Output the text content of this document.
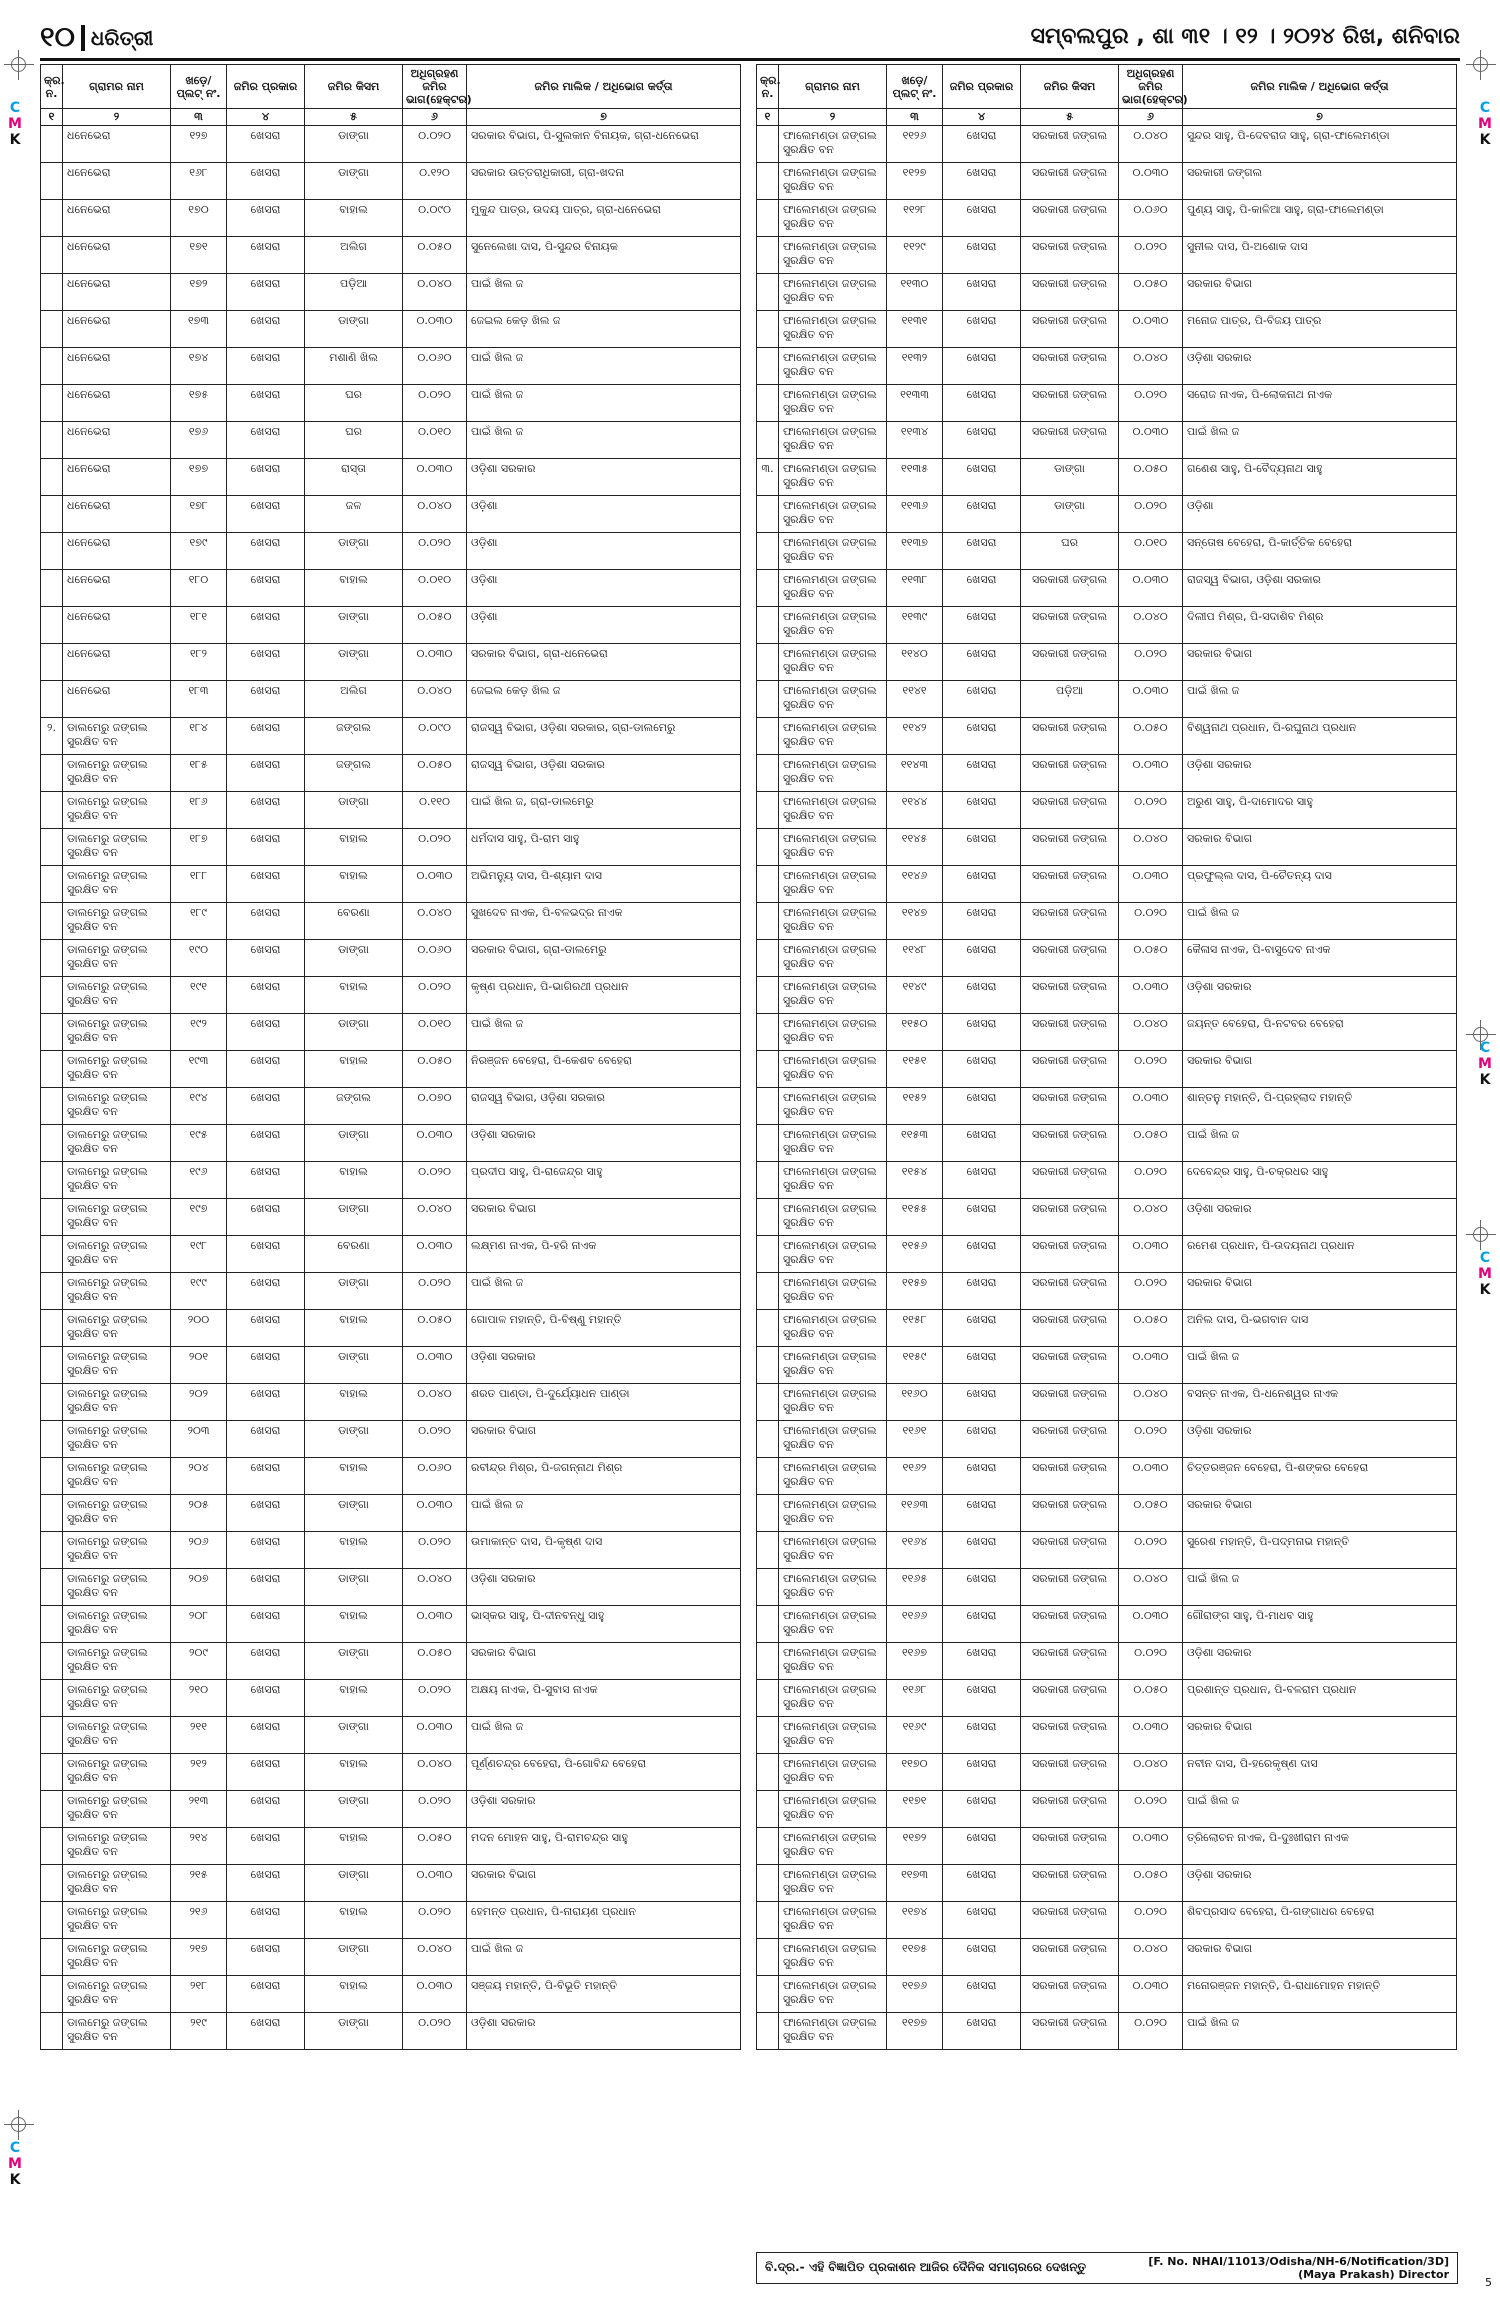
୧୦ ଧରିତ୍ରୀ	ସମ୍ବଲପୁର , ଶା ୩୧ । ୧୨ । ୨୦୨୪ ରିଖ, ଶନିବାର
କ୍ର. ନ.	ଗ୍ରାମର ନାମ	ଖଡ଼େ/ ପ୍ଲଟ୍ ନଂ.	ଜମିର ପ୍ରକାର	ଜମିର କିସମ	ଅଧିଗ୍ରହଣ ଜମିର ଭାଗ(ହେକ୍ଟର)	ଜମିର ମାଲିକ / ଅଧିଭୋଗ କର୍ତ୍ତା
୧	୨	୩	୪	୫	୬	୭
	ଧନେଭେରା	୧୨୭	ଖେସରା	ଡାଙ୍ଗା	୦.୦୨୦	ସରକାର ବିଭାଗ, ପି-ସୁଲକାନ ବିନାୟକ, ଗ୍ରା-ଧନେଭେରା
	ଧନେଭେରା	୧୬୮	ଖେସରା	ଡାଙ୍ଗା	୦.୧୨୦	ସରକାର ଉତ୍ତରାଧିକାରୀ, ଗ୍ରା-ଖଦନା
	ଧନେଭେରା	୧୭୦	ଖେସରା	ବାହାଲ	୦.୦୯୦	ମୁକୁନ୍ଦ ପାତ୍ର, ଉଦୟ ପାତ୍ର, ଗ୍ରା-ଧନେଭେରା
	ଧନେଭେରା	୧୭୧	ଖେସରା	ଅଲିଗ	୦.୦୫୦	ସୁନେଲେଖା ଦାସ, ପି-ସୁନ୍ଦର ବିନାୟକ
	ଧନେଭେରା	୧୭୨	ଖେସରା	ପଡ଼ିଆ	୦.୦୪୦	ପାଇଁ ଖିଲ ଜ
	ଧନେଭେରା	୧୭୩	ଖେସରା	ଡାଙ୍ଗା	୦.୦୩୦	ଜେଇଲ କେଡ଼ ଖିଲ ଜ
	ଧନେଭେରା	୧୭୪	ଖେସରା	ମଶାଣି ଖିଲ	୦.୦୬୦	ପାଇଁ ଖିଲ ଜ
	ଧନେଭେରା	୧୭୫	ଖେସରା	ଘର	୦.୦୨୦	ପାଇଁ ଖିଲ ଜ
	ଧନେଭେରା	୧୭୬	ଖେସରା	ଘର	୦.୦୧୦	ପାଇଁ ଖିଲ ଜ
	ଧନେଭେରା	୧୭୭	ଖେସରା	ରାସ୍ତା	୦.୦୩୦	ଓଡ଼ିଶା ସରକାର
	ଧନେଭେରା	୧୭୮	ଖେସରା	ଜଳ	୦.୦୪୦	ଓଡ଼ିଶା
	ଧନେଭେରା	୧୭୯	ଖେସରା	ଡାଙ୍ଗା	୦.୦୨୦	ଓଡ଼ିଶା
	ଧନେଭେରା	୧୮୦	ଖେସରା	ବାହାଲ	୦.୦୧୦	ଓଡ଼ିଶା
	ଧନେଭେରା	୧୮୧	ଖେସରା	ଡାଙ୍ଗା	୦.୦୫୦	ଓଡ଼ିଶା
	ଧନେଭେରା	୧୮୨	ଖେସରା	ଡାଙ୍ଗା	୦.୦୩୦	ସରକାର ବିଭାଗ, ଗ୍ରା-ଧନେଭେରା
	ଧନେଭେରା	୧୮୩	ଖେସରା	ଅଲିଗ	୦.୦୪୦	ଜେଇଲ କେଡ଼ ଖିଲ ଜ
୨.	ଡାଲମେରୁ ଜଙ୍ଗଲ ସୁରକ୍ଷିତ ବନ	୧୮୪	ଖେସରା	ଜଙ୍ଗଲ	୦.୦୯୦	ରାଜସ୍ୱ ବିଭାଗ, ଓଡ଼ିଶା ସରକାର, ଗ୍ରା-ଡାଲମେରୁ
	ଡାଲମେରୁ ଜଙ୍ଗଲ ସୁରକ୍ଷିତ ବନ	୧୮୫	ଖେସରା	ଜଙ୍ଗଲ	୦.୦୫୦	ରାଜସ୍ୱ ବିଭାଗ, ଓଡ଼ିଶା ସରକାର
	ଡାଲମେରୁ ଜଙ୍ଗଲ ସୁରକ୍ଷିତ ବନ	୧୮୬	ଖେସରା	ଡାଙ୍ଗା	୦.୧୧୦	ପାଇଁ ଖିଲ ଜ, ଗ୍ରା-ଡାଲମେରୁ
	ଡାଲମେରୁ ଜଙ୍ଗଲ ସୁରକ୍ଷିତ ବନ	୧୮୭	ଖେସରା	ବାହାଲ	୦.୦୨୦	ଧର୍ମଦାସ ସାହୁ, ପି-ରାମ ସାହୁ
	ଡାଲମେରୁ ଜଙ୍ଗଲ ସୁରକ୍ଷିତ ବନ	୧୮୮	ଖେସରା	ବାହାଲ	୦.୦୩୦	ଅଭିମନ୍ୟୁ ଦାସ, ପି-ଶ୍ୟାମ ଦାସ
	ଡାଲମେରୁ ଜଙ୍ଗଲ ସୁରକ୍ଷିତ ବନ	୧୮୯	ଖେସରା	ବେରଣା	୦.୦୪୦	ସୁଖଦେବ ନାଏକ, ପି-ବଳଭଦ୍ର ନାଏକ
	ଡାଲମେରୁ ଜଙ୍ଗଲ ସୁରକ୍ଷିତ ବନ	୧୯୦	ଖେସରା	ଡାଙ୍ଗା	୦.୦୬୦	ସରକାର ବିଭାଗ, ଗ୍ରା-ଡାଲମେରୁ
	ଡାଲମେରୁ ଜଙ୍ଗଲ ସୁରକ୍ଷିତ ବନ	୧୯୧	ଖେସରା	ବାହାଲ	୦.୦୨୦	କୃଷ୍ଣ ପ୍ରଧାନ, ପି-ଭାଗିରଥୀ ପ୍ରଧାନ
	ଡାଲମେରୁ ଜଙ୍ଗଲ ସୁରକ୍ଷିତ ବନ	୧୯୨	ଖେସରା	ଡାଙ୍ଗା	୦.୦୧୦	ପାଇଁ ଖିଲ ଜ
	ଡାଲମେରୁ ଜଙ୍ଗଲ ସୁରକ୍ଷିତ ବନ	୧୯୩	ଖେସରା	ବାହାଲ	୦.୦୫୦	ନିରଞ୍ଜନ ବେହେରା, ପି-କେଶବ ବେହେରା
	ଡାଲମେରୁ ଜଙ୍ଗଲ ସୁରକ୍ଷିତ ବନ	୧୯୪	ଖେସରା	ଜଙ୍ଗଲ	୦.୦୭୦	ରାଜସ୍ୱ ବିଭାଗ, ଓଡ଼ିଶା ସରକାର
	ଡାଲମେରୁ ଜଙ୍ଗଲ ସୁରକ୍ଷିତ ବନ	୧୯୫	ଖେସରା	ଡାଙ୍ଗା	୦.୦୩୦	ଓଡ଼ିଶା ସରକାର
	ଡାଲମେରୁ ଜଙ୍ଗଲ ସୁରକ୍ଷିତ ବନ	୧୯୬	ଖେସରା	ବାହାଲ	୦.୦୨୦	ପ୍ରଦୀପ ସାହୁ, ପି-ରାଜେନ୍ଦ୍ର ସାହୁ
	ଡାଲମେରୁ ଜଙ୍ଗଲ ସୁରକ୍ଷିତ ବନ	୧୯୭	ଖେସରା	ଡାଙ୍ଗା	୦.୦୪୦	ସରକାର ବିଭାଗ
	ଡାଲମେରୁ ଜଙ୍ଗଲ ସୁରକ୍ଷିତ ବନ	୧୯୮	ଖେସରା	ବେରଣା	୦.୦୩୦	ଲକ୍ଷ୍ମଣ ନାଏକ, ପି-ହରି ନାଏକ
	ଡାଲମେରୁ ଜଙ୍ଗଲ ସୁରକ୍ଷିତ ବନ	୧୯୯	ଖେସରା	ଡାଙ୍ଗା	୦.୦୨୦	ପାଇଁ ଖିଲ ଜ
	ଡାଲମେରୁ ଜଙ୍ଗଲ ସୁରକ୍ଷିତ ବନ	୨୦୦	ଖେସରା	ବାହାଲ	୦.୦୫୦	ଗୋପାଳ ମହାନ୍ତି, ପି-ବିଷ୍ଣୁ ମହାନ୍ତି
	ଡାଲମେରୁ ଜଙ୍ଗଲ ସୁରକ୍ଷିତ ବନ	୨୦୧	ଖେସରା	ଡାଙ୍ଗା	୦.୦୩୦	ଓଡ଼ିଶା ସରକାର
	ଡାଲମେରୁ ଜଙ୍ଗଲ ସୁରକ୍ଷିତ ବନ	୨୦୨	ଖେସରା	ବାହାଲ	୦.୦୪୦	ଶରତ ପାଣ୍ଡା, ପି-ଦୁର୍ଯ୍ୟୋଧନ ପାଣ୍ଡା
	ଡାଲମେରୁ ଜଙ୍ଗଲ ସୁରକ୍ଷିତ ବନ	୨୦୩	ଖେସରା	ଡାଙ୍ଗା	୦.୦୨୦	ସରକାର ବିଭାଗ
	ଡାଲମେରୁ ଜଙ୍ଗଲ ସୁରକ୍ଷିତ ବନ	୨୦୪	ଖେସରା	ବାହାଲ	୦.୦୬୦	ରବୀନ୍ଦ୍ର ମିଶ୍ର, ପି-ଜଗନ୍ନାଥ ମିଶ୍ର
	ଡାଲମେରୁ ଜଙ୍ଗଲ ସୁରକ୍ଷିତ ବନ	୨୦୫	ଖେସରା	ଡାଙ୍ଗା	୦.୦୩୦	ପାଇଁ ଖିଲ ଜ
	ଡାଲମେରୁ ଜଙ୍ଗଲ ସୁରକ୍ଷିତ ବନ	୨୦୬	ଖେସରା	ବାହାଲ	୦.୦୨୦	ଉମାକାନ୍ତ ଦାସ, ପି-କୃଷ୍ଣ ଦାସ
	ଡାଲମେରୁ ଜଙ୍ଗଲ ସୁରକ୍ଷିତ ବନ	୨୦୭	ଖେସରା	ଡାଙ୍ଗା	୦.୦୪୦	ଓଡ଼ିଶା ସରକାର
	ଡାଲମେରୁ ଜଙ୍ଗଲ ସୁରକ୍ଷିତ ବନ	୨୦୮	ଖେସରା	ବାହାଲ	୦.୦୩୦	ଭାସ୍କର ସାହୁ, ପି-ଦୀନବନ୍ଧୁ ସାହୁ
	ଡାଲମେରୁ ଜଙ୍ଗଲ ସୁରକ୍ଷିତ ବନ	୨୦୯	ଖେସରା	ଡାଙ୍ଗା	୦.୦୫୦	ସରକାର ବିଭାଗ
	ଡାଲମେରୁ ଜଙ୍ଗଲ ସୁରକ୍ଷିତ ବନ	୨୧୦	ଖେସରା	ବାହାଲ	୦.୦୨୦	ଅକ୍ଷୟ ନାଏକ, ପି-ସୁବାସ ନାଏକ
	ଡାଲମେରୁ ଜଙ୍ଗଲ ସୁରକ୍ଷିତ ବନ	୨୧୧	ଖେସରା	ଡାଙ୍ଗା	୦.୦୩୦	ପାଇଁ ଖିଲ ଜ
	ଡାଲମେରୁ ଜଙ୍ଗଲ ସୁରକ୍ଷିତ ବନ	୨୧୨	ଖେସରା	ବାହାଲ	୦.୦୪୦	ପୂର୍ଣ୍ଣଚନ୍ଦ୍ର ବେହେରା, ପି-ଗୋବିନ୍ଦ ବେହେରା
	ଡାଲମେରୁ ଜଙ୍ଗଲ ସୁରକ୍ଷିତ ବନ	୨୧୩	ଖେସରା	ଡାଙ୍ଗା	୦.୦୨୦	ଓଡ଼ିଶା ସରକାର
	ଡାଲମେରୁ ଜଙ୍ଗଲ ସୁରକ୍ଷିତ ବନ	୨୧୪	ଖେସରା	ବାହାଲ	୦.୦୫୦	ମଦନ ମୋହନ ସାହୁ, ପି-ରାମଚନ୍ଦ୍ର ସାହୁ
	ଡାଲମେରୁ ଜଙ୍ଗଲ ସୁରକ୍ଷିତ ବନ	୨୧୫	ଖେସରା	ଡାଙ୍ଗା	୦.୦୩୦	ସରକାର ବିଭାଗ
	ଡାଲମେରୁ ଜଙ୍ଗଲ ସୁରକ୍ଷିତ ବନ	୨୧୬	ଖେସରା	ବାହାଲ	୦.୦୨୦	ହେମନ୍ତ ପ୍ରଧାନ, ପି-ନାରାୟଣ ପ୍ରଧାନ
	ଡାଲମେରୁ ଜଙ୍ଗଲ ସୁରକ୍ଷିତ ବନ	୨୧୭	ଖେସରା	ଡାଙ୍ଗା	୦.୦୪୦	ପାଇଁ ଖିଲ ଜ
	ଡାଲମେରୁ ଜଙ୍ଗଲ ସୁରକ୍ଷିତ ବନ	୨୧୮	ଖେସରା	ବାହାଲ	୦.୦୩୦	ସଞ୍ଜୟ ମହାନ୍ତି, ପି-ବିଭୂତି ମହାନ୍ତି
	ଡାଲମେରୁ ଜଙ୍ଗଲ ସୁରକ୍ଷିତ ବନ	୨୧୯	ଖେସରା	ଡାଙ୍ଗା	୦.୦୨୦	ଓଡ଼ିଶା ସରକାର
କ୍ର. ନ.	ଗ୍ରାମର ନାମ	ଖଡ଼େ/ ପ୍ଲଟ୍ ନଂ.	ଜମିର ପ୍ରକାର	ଜମିର କିସମ	ଅଧିଗ୍ରହଣ ଜମିର ଭାଗ(ହେକ୍ଟର)	ଜମିର ମାଲିକ / ଅଧିଭୋଗ କର୍ତ୍ତା
୧	୨	୩	୪	୫	୬	୭
	ଫାଲେମଣ୍ଡା ଜଙ୍ଗଲ ସୁରକ୍ଷିତ ବନ	୧୧୨୬	ଖେସରା	ସରକାରୀ ଜଙ୍ଗଲ	୦.୦୪୦	ସୁନ୍ଦର ସାହୁ, ପି-ଦେବରାଜ ସାହୁ, ଗ୍ରା-ଫାଲେମଣ୍ଡା
	ଫାଲେମଣ୍ଡା ଜଙ୍ଗଲ ସୁରକ୍ଷିତ ବନ	୧୧୨୭	ଖେସରା	ସରକାରୀ ଜଙ୍ଗଲ	୦.୦୩୦	ସରକାରୀ ଜଙ୍ଗଲ
	ଫାଲେମଣ୍ଡା ଜଙ୍ଗଲ ସୁରକ୍ଷିତ ବନ	୧୧୨୮	ଖେସରା	ସରକାରୀ ଜଙ୍ଗଲ	୦.୦୬୦	ପୁଣ୍ୟ ସାହୁ, ପି-କାଳିଆ ସାହୁ, ଗ୍ରା-ଫାଲେମଣ୍ଡା
	ଫାଲେମଣ୍ଡା ଜଙ୍ଗଲ ସୁରକ୍ଷିତ ବନ	୧୧୨୯	ଖେସରା	ସରକାରୀ ଜଙ୍ଗଲ	୦.୦୨୦	ସୁନୀଲ ଦାସ, ପି-ଅଶୋକ ଦାସ
	ଫାଲେମଣ୍ଡା ଜଙ୍ଗଲ ସୁରକ୍ଷିତ ବନ	୧୧୩୦	ଖେସରା	ସରକାରୀ ଜଙ୍ଗଲ	୦.୦୫୦	ସରକାର ବିଭାଗ
	ଫାଲେମଣ୍ଡା ଜଙ୍ଗଲ ସୁରକ୍ଷିତ ବନ	୧୧୩୧	ଖେସରା	ସରକାରୀ ଜଙ୍ଗଲ	୦.୦୩୦	ମନୋଜ ପାତ୍ର, ପି-ବିଜୟ ପାତ୍ର
	ଫାଲେମଣ୍ଡା ଜଙ୍ଗଲ ସୁରକ୍ଷିତ ବନ	୧୧୩୨	ଖେସରା	ସରକାରୀ ଜଙ୍ଗଲ	୦.୦୪୦	ଓଡ଼ିଶା ସରକାର
	ଫାଲେମଣ୍ଡା ଜଙ୍ଗଲ ସୁରକ୍ଷିତ ବନ	୧୧୩୩	ଖେସରା	ସରକାରୀ ଜଙ୍ଗଲ	୦.୦୨୦	ସରୋଜ ନାଏକ, ପି-ଲୋକନାଥ ନାଏକ
	ଫାଲେମଣ୍ଡା ଜଙ୍ଗଲ ସୁରକ୍ଷିତ ବନ	୧୧୩୪	ଖେସରା	ସରକାରୀ ଜଙ୍ଗଲ	୦.୦୩୦	ପାଇଁ ଖିଲ ଜ
୩.	ଫାଲେମଣ୍ଡା ଜଙ୍ଗଲ ସୁରକ୍ଷିତ ବନ	୧୧୩୫	ଖେସରା	ଡାଙ୍ଗା	୦.୦୫୦	ଗଣେଶ ସାହୁ, ପି-ବୈଦ୍ୟନାଥ ସାହୁ
	ଫାଲେମଣ୍ଡା ଜଙ୍ଗଲ ସୁରକ୍ଷିତ ବନ	୧୧୩୬	ଖେସରା	ଡାଙ୍ଗା	୦.୦୨୦	ଓଡ଼ିଶା
	ଫାଲେମଣ୍ଡା ଜଙ୍ଗଲ ସୁରକ୍ଷିତ ବନ	୧୧୩୭	ଖେସରା	ଘର	୦.୦୧୦	ସନ୍ତୋଷ ବେହେରା, ପି-କାର୍ତ୍ତିକ ବେହେରା
	ଫାଲେମଣ୍ଡା ଜଙ୍ଗଲ ସୁରକ୍ଷିତ ବନ	୧୧୩୮	ଖେସରା	ସରକାରୀ ଜଙ୍ଗଲ	୦.୦୩୦	ରାଜସ୍ୱ ବିଭାଗ, ଓଡ଼ିଶା ସରକାର
	ଫାଲେମଣ୍ଡା ଜଙ୍ଗଲ ସୁରକ୍ଷିତ ବନ	୧୧୩୯	ଖେସରା	ସରକାରୀ ଜଙ୍ଗଲ	୦.୦୪୦	ଦିଲୀପ ମିଶ୍ର, ପି-ସଦାଶିବ ମିଶ୍ର
	ଫାଲେମଣ୍ଡା ଜଙ୍ଗଲ ସୁରକ୍ଷିତ ବନ	୧୧୪୦	ଖେସରା	ସରକାରୀ ଜଙ୍ଗଲ	୦.୦୨୦	ସରକାର ବିଭାଗ
	ଫାଲେମଣ୍ଡା ଜଙ୍ଗଲ ସୁରକ୍ଷିତ ବନ	୧୧୪୧	ଖେସରା	ପଡ଼ିଆ	୦.୦୩୦	ପାଇଁ ଖିଲ ଜ
	ଫାଲେମଣ୍ଡା ଜଙ୍ଗଲ ସୁରକ୍ଷିତ ବନ	୧୧୪୨	ଖେସରା	ସରକାରୀ ଜଙ୍ଗଲ	୦.୦୫୦	ବିଶ୍ୱନାଥ ପ୍ରଧାନ, ପି-ରଘୁନାଥ ପ୍ରଧାନ
	ଫାଲେମଣ୍ଡା ଜଙ୍ଗଲ ସୁରକ୍ଷିତ ବନ	୧୧୪୩	ଖେସରା	ସରକାରୀ ଜଙ୍ଗଲ	୦.୦୩୦	ଓଡ଼ିଶା ସରକାର
	ଫାଲେମଣ୍ଡା ଜଙ୍ଗଲ ସୁରକ୍ଷିତ ବନ	୧୧୪୪	ଖେସରା	ସରକାରୀ ଜଙ୍ଗଲ	୦.୦୨୦	ଅରୁଣ ସାହୁ, ପି-ଦାମୋଦର ସାହୁ
	ଫାଲେମଣ୍ଡା ଜଙ୍ଗଲ ସୁରକ୍ଷିତ ବନ	୧୧୪୫	ଖେସରା	ସରକାରୀ ଜଙ୍ଗଲ	୦.୦୪୦	ସରକାର ବିଭାଗ
	ଫାଲେମଣ୍ଡା ଜଙ୍ଗଲ ସୁରକ୍ଷିତ ବନ	୧୧୪୬	ଖେସରା	ସରକାରୀ ଜଙ୍ଗଲ	୦.୦୩୦	ପ୍ରଫୁଲ୍ଲ ଦାସ, ପି-ଚୈତନ୍ୟ ଦାସ
	ଫାଲେମଣ୍ଡା ଜଙ୍ଗଲ ସୁରକ୍ଷିତ ବନ	୧୧୪୭	ଖେସରା	ସରକାରୀ ଜଙ୍ଗଲ	୦.୦୨୦	ପାଇଁ ଖିଲ ଜ
	ଫାଲେମଣ୍ଡା ଜଙ୍ଗଲ ସୁରକ୍ଷିତ ବନ	୧୧୪୮	ଖେସରା	ସରକାରୀ ଜଙ୍ଗଲ	୦.୦୫୦	କୈଳାସ ନାଏକ, ପି-ବାସୁଦେବ ନାଏକ
	ଫାଲେମଣ୍ଡା ଜଙ୍ଗଲ ସୁରକ୍ଷିତ ବନ	୧୧୪୯	ଖେସରା	ସରକାରୀ ଜଙ୍ଗଲ	୦.୦୩୦	ଓଡ଼ିଶା ସରକାର
	ଫାଲେମଣ୍ଡା ଜଙ୍ଗଲ ସୁରକ୍ଷିତ ବନ	୧୧୫୦	ଖେସରା	ସରକାରୀ ଜଙ୍ଗଲ	୦.୦୪୦	ଜୟନ୍ତ ବେହେରା, ପି-ନଟବର ବେହେରା
	ଫାଲେମଣ୍ଡା ଜଙ୍ଗଲ ସୁରକ୍ଷିତ ବନ	୧୧୫୧	ଖେସରା	ସରକାରୀ ଜଙ୍ଗଲ	୦.୦୨୦	ସରକାର ବିଭାଗ
	ଫାଲେମଣ୍ଡା ଜଙ୍ଗଲ ସୁରକ୍ଷିତ ବନ	୧୧୫୨	ଖେସରା	ସରକାରୀ ଜଙ୍ଗଲ	୦.୦୩୦	ଶାନ୍ତନୁ ମହାନ୍ତି, ପି-ପ୍ରହ୍ଲାଦ ମହାନ୍ତି
	ଫାଲେମଣ୍ଡା ଜଙ୍ଗଲ ସୁରକ୍ଷିତ ବନ	୧୧୫୩	ଖେସରା	ସରକାରୀ ଜଙ୍ଗଲ	୦.୦୫୦	ପାଇଁ ଖିଲ ଜ
	ଫାଲେମଣ୍ଡା ଜଙ୍ଗଲ ସୁରକ୍ଷିତ ବନ	୧୧୫୪	ଖେସରା	ସରକାରୀ ଜଙ୍ଗଲ	୦.୦୨୦	ଦେବେନ୍ଦ୍ର ସାହୁ, ପି-ଚକ୍ରଧର ସାହୁ
	ଫାଲେମଣ୍ଡା ଜଙ୍ଗଲ ସୁରକ୍ଷିତ ବନ	୧୧୫୫	ଖେସରା	ସରକାରୀ ଜଙ୍ଗଲ	୦.୦୪୦	ଓଡ଼ିଶା ସରକାର
	ଫାଲେମଣ୍ଡା ଜଙ୍ଗଲ ସୁରକ୍ଷିତ ବନ	୧୧୫୬	ଖେସରା	ସରକାରୀ ଜଙ୍ଗଲ	୦.୦୩୦	ରମେଶ ପ୍ରଧାନ, ପି-ଉଦୟନାଥ ପ୍ରଧାନ
	ଫାଲେମଣ୍ଡା ଜଙ୍ଗଲ ସୁରକ୍ଷିତ ବନ	୧୧୫୭	ଖେସରା	ସରକାରୀ ଜଙ୍ଗଲ	୦.୦୨୦	ସରକାର ବିଭାଗ
	ଫାଲେମଣ୍ଡା ଜଙ୍ଗଲ ସୁରକ୍ଷିତ ବନ	୧୧୫୮	ଖେସରା	ସରକାରୀ ଜଙ୍ଗଲ	୦.୦୫୦	ଅନିଲ ଦାସ, ପି-ଭଗବାନ ଦାସ
	ଫାଲେମଣ୍ଡା ଜଙ୍ଗଲ ସୁରକ୍ଷିତ ବନ	୧୧୫୯	ଖେସରା	ସରକାରୀ ଜଙ୍ଗଲ	୦.୦୩୦	ପାଇଁ ଖିଲ ଜ
	ଫାଲେମଣ୍ଡା ଜଙ୍ଗଲ ସୁରକ୍ଷିତ ବନ	୧୧୬୦	ଖେସରା	ସରକାରୀ ଜଙ୍ଗଲ	୦.୦୪୦	ବସନ୍ତ ନାଏକ, ପି-ଧନେଶ୍ୱର ନାଏକ
	ଫାଲେମଣ୍ଡା ଜଙ୍ଗଲ ସୁରକ୍ଷିତ ବନ	୧୧୬୧	ଖେସରା	ସରକାରୀ ଜଙ୍ଗଲ	୦.୦୨୦	ଓଡ଼ିଶା ସରକାର
	ଫାଲେମଣ୍ଡା ଜଙ୍ଗଲ ସୁରକ୍ଷିତ ବନ	୧୧୬୨	ଖେସରା	ସରକାରୀ ଜଙ୍ଗଲ	୦.୦୩୦	ଚିତ୍ତରଞ୍ଜନ ବେହେରା, ପି-ଶଙ୍କର ବେହେରା
	ଫାଲେମଣ୍ଡା ଜଙ୍ଗଲ ସୁରକ୍ଷିତ ବନ	୧୧୬୩	ଖେସରା	ସରକାରୀ ଜଙ୍ଗଲ	୦.୦୫୦	ସରକାର ବିଭାଗ
	ଫାଲେମଣ୍ଡା ଜଙ୍ଗଲ ସୁରକ୍ଷିତ ବନ	୧୧୬୪	ଖେସରା	ସରକାରୀ ଜଙ୍ଗଲ	୦.୦୨୦	ସୁରେଶ ମହାନ୍ତି, ପି-ପଦ୍ମନାଭ ମହାନ୍ତି
	ଫାଲେମଣ୍ଡା ଜଙ୍ଗଲ ସୁରକ୍ଷିତ ବନ	୧୧୬୫	ଖେସରା	ସରକାରୀ ଜଙ୍ଗଲ	୦.୦୪୦	ପାଇଁ ଖିଲ ଜ
	ଫାଲେମଣ୍ଡା ଜଙ୍ଗଲ ସୁରକ୍ଷିତ ବନ	୧୧୬୬	ଖେସରା	ସରକାରୀ ଜଙ୍ଗଲ	୦.୦୩୦	ଗୌରାଙ୍ଗ ସାହୁ, ପି-ମାଧବ ସାହୁ
	ଫାଲେମଣ୍ଡା ଜଙ୍ଗଲ ସୁରକ୍ଷିତ ବନ	୧୧୬୭	ଖେସରା	ସରକାରୀ ଜଙ୍ଗଲ	୦.୦୨୦	ଓଡ଼ିଶା ସରକାର
	ଫାଲେମଣ୍ଡା ଜଙ୍ଗଲ ସୁରକ୍ଷିତ ବନ	୧୧୬୮	ଖେସରା	ସରକାରୀ ଜଙ୍ଗଲ	୦.୦୫୦	ପ୍ରଶାନ୍ତ ପ୍ରଧାନ, ପି-ବଳରାମ ପ୍ରଧାନ
	ଫାଲେମଣ୍ଡା ଜଙ୍ଗଲ ସୁରକ୍ଷିତ ବନ	୧୧୬୯	ଖେସରା	ସରକାରୀ ଜଙ୍ଗଲ	୦.୦୩୦	ସରକାର ବିଭାଗ
	ଫାଲେମଣ୍ଡା ଜଙ୍ଗଲ ସୁରକ୍ଷିତ ବନ	୧୧୭୦	ଖେସରା	ସରକାରୀ ଜଙ୍ଗଲ	୦.୦୪୦	ନବୀନ ଦାସ, ପି-ହରେକୃଷ୍ଣ ଦାସ
	ଫାଲେମଣ୍ଡା ଜଙ୍ଗଲ ସୁରକ୍ଷିତ ବନ	୧୧୭୧	ଖେସରା	ସରକାରୀ ଜଙ୍ଗଲ	୦.୦୨୦	ପାଇଁ ଖିଲ ଜ
	ଫାଲେମଣ୍ଡା ଜଙ୍ଗଲ ସୁରକ୍ଷିତ ବନ	୧୧୭୨	ଖେସରା	ସରକାରୀ ଜଙ୍ଗଲ	୦.୦୩୦	ତ୍ରିଲୋଚନ ନାଏକ, ପି-ଦୁଃଖୀରାମ ନାଏକ
	ଫାଲେମଣ୍ଡା ଜଙ୍ଗଲ ସୁରକ୍ଷିତ ବନ	୧୧୭୩	ଖେସରା	ସରକାରୀ ଜଙ୍ଗଲ	୦.୦୫୦	ଓଡ଼ିଶା ସରକାର
	ଫାଲେମଣ୍ଡା ଜଙ୍ଗଲ ସୁରକ୍ଷିତ ବନ	୧୧୭୪	ଖେସରା	ସରକାରୀ ଜଙ୍ଗଲ	୦.୦୨୦	ଶିବପ୍ରସାଦ ବେହେରା, ପି-ଗଙ୍ଗାଧର ବେହେରା
	ଫାଲେମଣ୍ଡା ଜଙ୍ଗଲ ସୁରକ୍ଷିତ ବନ	୧୧୭୫	ଖେସରା	ସରକାରୀ ଜଙ୍ଗଲ	୦.୦୪୦	ସରକାର ବିଭାଗ
	ଫାଲେମଣ୍ଡା ଜଙ୍ଗଲ ସୁରକ୍ଷିତ ବନ	୧୧୭୬	ଖେସରା	ସରକାରୀ ଜଙ୍ଗଲ	୦.୦୩୦	ମନୋରଞ୍ଜନ ମହାନ୍ତି, ପି-ରାଧାମୋହନ ମହାନ୍ତି
	ଫାଲେମଣ୍ଡା ଜଙ୍ଗଲ ସୁରକ୍ଷିତ ବନ	୧୧୭୭	ଖେସରା	ସରକାରୀ ଜଙ୍ଗଲ	୦.୦୨୦	ପାଇଁ ଖିଲ ଜ
ବି.ଦ୍ର.- ଏହି ବିଜ୍ଞାପିତ ପ୍ରକାଶନ ଆଜିର ଦୈନିକ ସମାଚାରରେ ଦେଖନ୍ତୁ	[F. No. NHAI/11013/Odisha/NH-6/Notification/3D]
(Maya Prakash) Director
C
M
K
C
M
K
C
M
K
C
M
K
C
M
K
5
